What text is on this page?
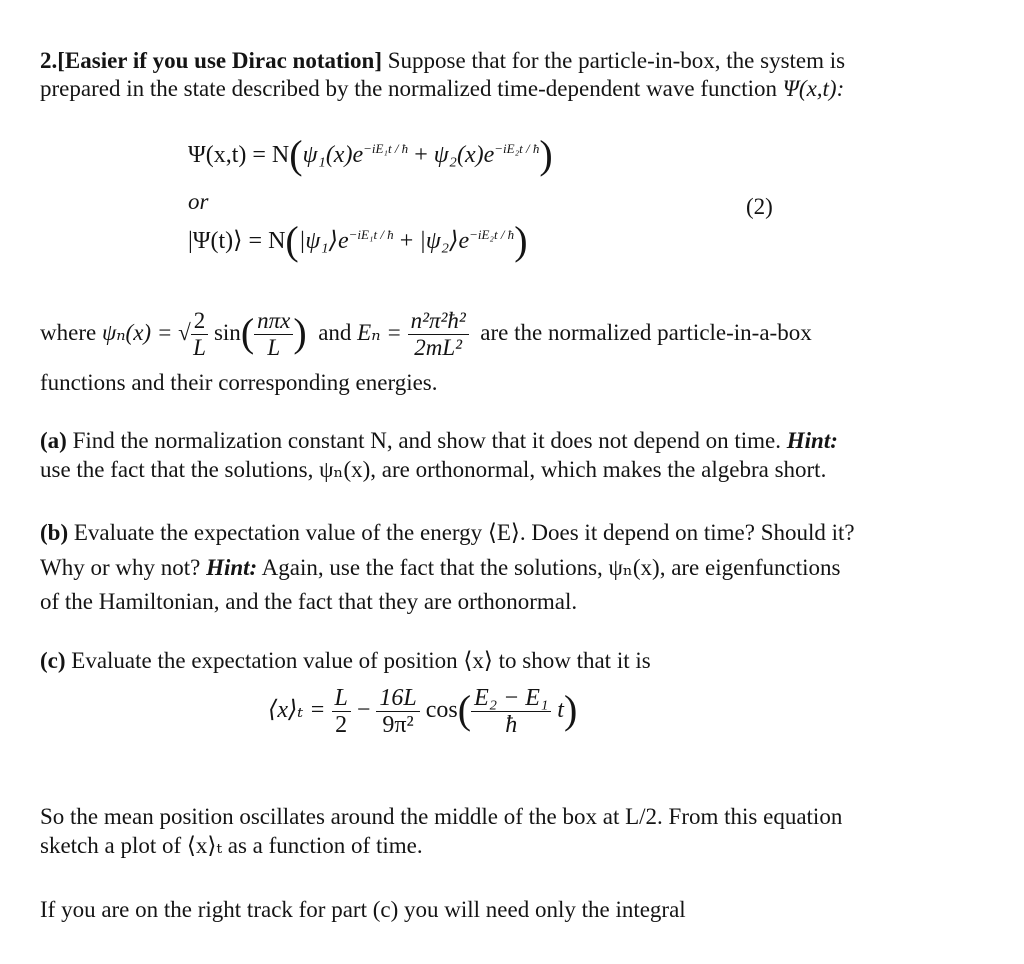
2.[Easier if you use Dirac notation] Suppose that for the particle-in-box, the system is
prepared in the state described by the normalized time-dependent wave function Ψ(x,t):
$\Psi(x,t) = N(\psi_1(x)e^{-iE_1t / ħ} + \psi_2(x)e^{-iE_2t / ħ})$
or	(2)
|Ψ(t)⟩ = $N(|\psi_1⟩e^{-iE_1t / ħ}$ + $|\psi_2⟩e^{-iE_2t / ħ}$)
where ψₙ(x) = √ $\frac{2}{L} \sin( \frac{\text{nπx}}{L}$ ) and $E_n = \frac{\text{n²π²ħ²}}{\text{2mL²}}$ are the normalized particle-in-a-box
functions and their corresponding energies.
(a) Find the normalization constant N, and show that it does not depend on time. Hint:
use the fact that the solutions, ψₙ(x), are orthonormal, which makes the algebra short.
(b) Evaluate the expectation value of the energy ⟨E⟩. Does it depend on time? Should it?
Why or why not? Hint: Again, use the fact that the solutions, ψₙ(x), are eigenfunctions
of the Hamiltonian, and the fact that they are orthonormal.
(c) Evaluate the expectation value of position ⟨x⟩ to show that it is
⟨x⟩ₜ = $\frac{L}{2} - \frac{16L}{\text{9π²}} \cos( \frac{\text{E₂ − E₁}}{ħ} t)$
So the mean position oscillates around the middle of the box at L/2. From this equation
sketch a plot of ⟨x⟩ₜ as a function of time.
If you are on the right track for part (c) you will need only the integral
